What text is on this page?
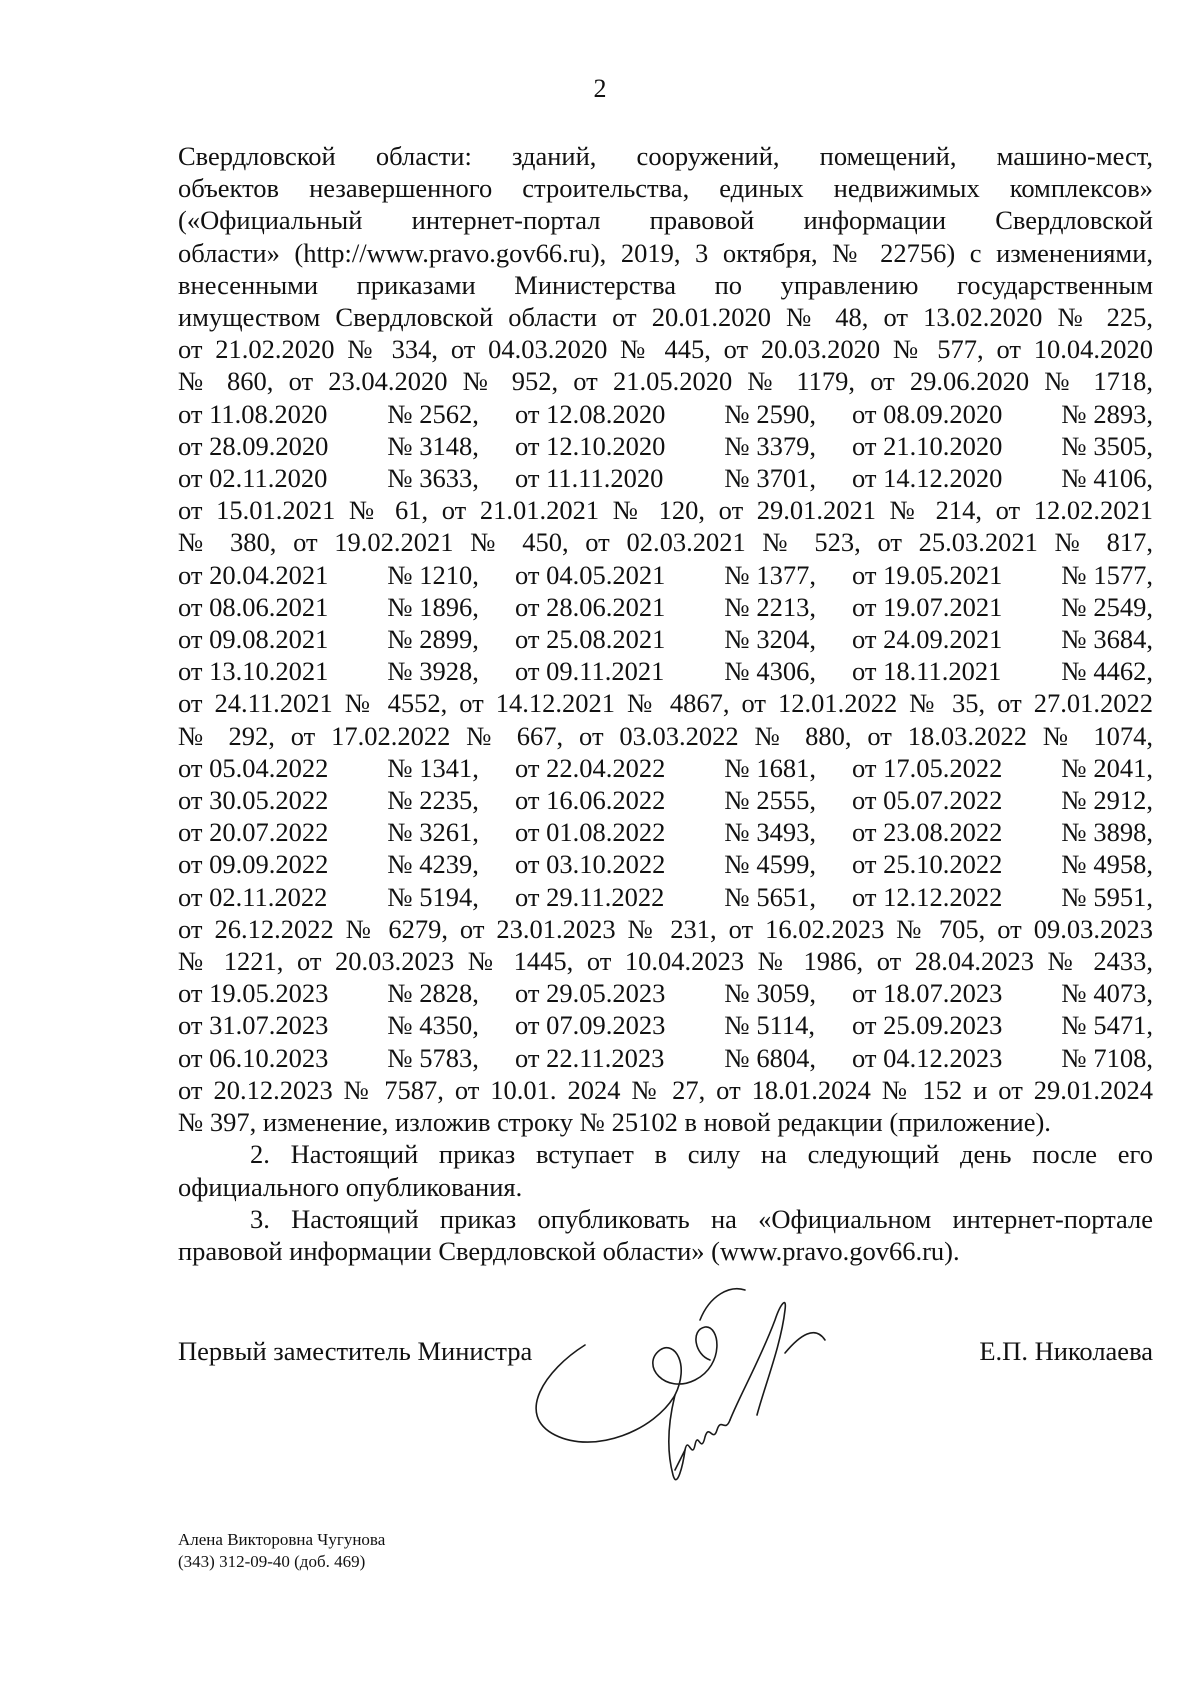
2
Свердловской области: зданий, сооружений, помещений, машино-мест,
объектов незавершенного строительства, единых недвижимых комплексов»
(«Официальный интернет-портал правовой информации Свердловской
области» (http://www.pravo.gov66.ru), 2019, 3 октября, № 22756) с изменениями,
внесенными приказами Министерства по управлению государственным
имуществом Свердловской области от 20.01.2020 № 48, от 13.02.2020 № 225,
от 21.02.2020 № 334, от 04.03.2020 № 445, от 20.03.2020 № 577, от 10.04.2020
№ 860, от 23.04.2020 № 952, от 21.05.2020 № 1179, от 29.06.2020 № 1718,
от 11.08.2020	№ 2562,	от 12.08.2020	№ 2590,	от 08.09.2020	№ 2893,
от 28.09.2020	№ 3148,	от 12.10.2020	№ 3379,	от 21.10.2020	№ 3505,
от 02.11.2020	№ 3633,	от 11.11.2020	№ 3701,	от 14.12.2020	№ 4106,
от 15.01.2021 № 61, от 21.01.2021 № 120, от 29.01.2021 № 214, от 12.02.2021
№ 380, от 19.02.2021 № 450, от 02.03.2021 № 523, от 25.03.2021 № 817,
от 20.04.2021	№ 1210,	от 04.05.2021	№ 1377,	от 19.05.2021	№ 1577,
от 08.06.2021	№ 1896,	от 28.06.2021	№ 2213,	от 19.07.2021	№ 2549,
от 09.08.2021	№ 2899,	от 25.08.2021	№ 3204,	от 24.09.2021	№ 3684,
от 13.10.2021	№ 3928,	от 09.11.2021	№ 4306,	от 18.11.2021	№ 4462,
от 24.11.2021 № 4552, от 14.12.2021 № 4867, от 12.01.2022 № 35, от 27.01.2022
№ 292, от 17.02.2022 № 667, от 03.03.2022 № 880, от 18.03.2022 № 1074,
от 05.04.2022	№ 1341,	от 22.04.2022	№ 1681,	от 17.05.2022	№ 2041,
от 30.05.2022	№ 2235,	от 16.06.2022	№ 2555,	от 05.07.2022	№ 2912,
от 20.07.2022	№ 3261,	от 01.08.2022	№ 3493,	от 23.08.2022	№ 3898,
от 09.09.2022	№ 4239,	от 03.10.2022	№ 4599,	от 25.10.2022	№ 4958,
от 02.11.2022	№ 5194,	от 29.11.2022	№ 5651,	от 12.12.2022	№ 5951,
от 26.12.2022 № 6279, от 23.01.2023 № 231, от 16.02.2023 № 705, от 09.03.2023
№ 1221, от 20.03.2023 № 1445, от 10.04.2023 № 1986, от 28.04.2023 № 2433,
от 19.05.2023	№ 2828,	от 29.05.2023	№ 3059,	от 18.07.2023	№ 4073,
от 31.07.2023	№ 4350,	от 07.09.2023	№ 5114,	от 25.09.2023	№ 5471,
от 06.10.2023	№ 5783,	от 22.11.2023	№ 6804,	от 04.12.2023	№ 7108,
от 20.12.2023 № 7587, от 10.01. 2024 № 27, от 18.01.2024 № 152 и от 29.01.2024
№ 397, изменение, изложив строку № 25102 в новой редакции (приложение).
2. Настоящий приказ вступает в силу на следующий день после его
официального опубликования.
3. Настоящий приказ опубликовать на «Официальном интернет-портале
правовой информации Свердловской области» (www.pravo.gov66.ru).
Первый заместитель Министра	Е.П. Николаева
Алена Викторовна Чугунова
(343) 312-09-40 (доб. 469)
